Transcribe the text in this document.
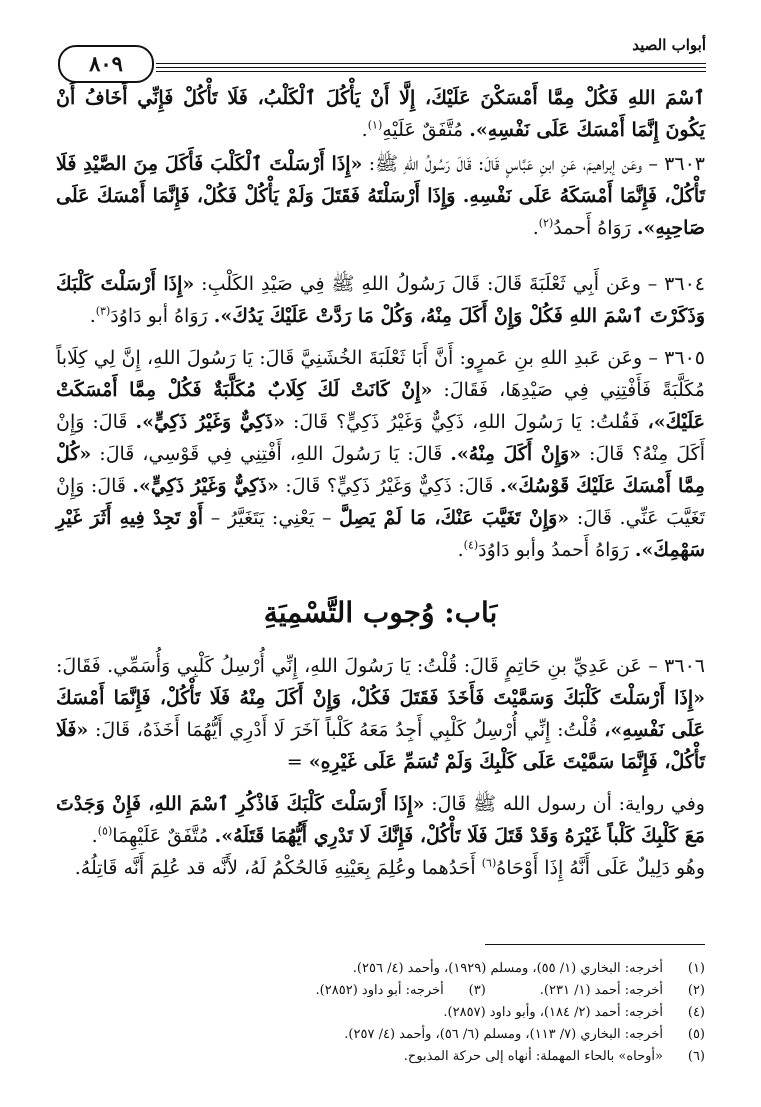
أبواب الصيد
٨٠٩

ٱسْمَ اللهِ فَكُلْ مِمَّا أَمْسَكْنَ عَلَيْكَ، إِلَّا أَنْ يَأْكُلَ ٱلْكَلْبُ، فَلَا تَأْكُلْ فَإِنِّي أَخَافُ أَنْ يَكُونَ إِنَّمَا أَمْسَكَ عَلَى نَفْسِهِ». مُتَّفَقٌ عَلَيْهِ$^{(١)}$.

٣٦٠٣ – وعَن إبراهيمَ، عَنِ ابنِ عَبَّاسٍ قَالَ: قَالَ رَسُولُ اللهِ ﷺ: «إِذَا أَرْسَلْتَ ٱلْكَلْبَ فَأَكَلَ مِنَ الصَّيْدِ فَلَا تَأْكُلْ، فَإِنَّمَا أَمْسَكَهُ عَلَى نَفْسِهِ. وَإِذَا أَرْسَلْتَهُ فَقَتَلَ وَلَمْ يَأْكُلْ فَكُلْ، فَإِنَّمَا أَمْسَكَ عَلَى صَاحِبِهِ». رَوَاهُ أَحمدُ$^{(٢)}$.

٣٦٠٤ – وعَن أَبِي ثَعْلَبَةَ قَالَ: قَالَ رَسُولُ اللهِ ﷺ فِي صَيْدِ الكَلْبِ: «إِذَا أَرْسَلْتَ كَلْبَكَ وَذَكَرْتَ ٱسْمَ اللهِ فَكُلْ وَإِنْ أَكَلَ مِنْهُ، وَكُلْ مَا رَدَّتْ عَلَيْكَ يَدُكَ». رَوَاهُ أبو دَاوُدَ$^{(٣)}$.

٣٦٠٥ – وعَن عَبدِ اللهِ بنِ عَمرٍو: أَنَّ أَبَا ثَعْلَبَةَ الخُشَنِيَّ قَالَ: يَا رَسُولَ اللهِ، إِنَّ لِي كِلَاباً مُكَلَّبَةً فَأَفْتِنِي فِي صَيْدِهَا، فَقَالَ: «إِنْ كَانَتْ لَكَ كِلَابٌ مُكَلَّبَةٌ فَكُلْ مِمَّا أَمْسَكَتْ عَلَيْكَ»، فَقُلتُ: يَا رَسُولَ اللهِ، ذَكِيٌّ وَغَيْرُ ذَكِيٍّ؟ قَالَ: «ذَكِيٌّ وَغَيْرُ ذَكِيٍّ». قَالَ: وَإِنْ أَكَلَ مِنْهُ؟ قَالَ: «وَإِنْ أَكَلَ مِنْهُ». قَالَ: يَا رَسُولَ اللهِ، أَفْتِنِي فِي قَوْسِي، قَالَ: «كُلْ مِمَّا أَمْسَكَ عَلَيْكَ قَوْسُكَ». قَالَ: ذَكِيٌّ وَغَيْرُ ذَكِيٍّ؟ قَالَ: «ذَكِيٌّ وَغَيْرُ ذَكِيٍّ». قَالَ: وَإِنْ تَغَيَّبَ عَنِّي. قَالَ: «وَإِنْ تَغَيَّبَ عَنْكَ، مَا لَمْ يَصِلَّ – يَعْنِي: يَتَغَيَّرُ – أَوْ تَجِدْ فِيهِ أَثَرَ غَيْرِ سَهْمِكَ». رَوَاهُ أَحمدُ وأبو دَاوُدَ$^{(٤)}$.

بَاب: وُجوب التَّسْمِيَةِ

٣٦٠٦ – عَن عَدِيِّ بنِ حَاتِمٍ قَالَ: قُلْتُ: يَا رَسُولَ اللهِ، إِنِّي أُرْسِلُ كَلْبِي وَأُسَمِّي. فَقَالَ: «إِذَا أَرْسَلْتَ كَلْبَكَ وَسَمَّيْتَ فَأَخَذَ فَقَتَلَ فَكُلْ، وَإِنْ أَكَلَ مِنْهُ فَلَا تَأْكُلْ، فَإِنَّمَا أَمْسَكَ عَلَى نَفْسِهِ»، قُلْتُ: إِنِّي أُرْسِلُ كَلْبِي أَجِدُ مَعَهُ كَلْباً آخَرَ لَا أَدْرِي أَيُّهُمَا أَخَذَهُ، قَالَ: «فَلَا تَأْكُلْ، فَإِنَّمَا سَمَّيْتَ عَلَى كَلْبِكَ وَلَمْ تُسَمِّ عَلَى غَيْرِهِ» =

وفي رواية: أن رسول الله ﷺ قَالَ: «إِذَا أَرْسَلْتَ كَلْبَكَ فَاذْكُرِ ٱسْمَ اللهِ، فَإِنْ وَجَدْتَ مَعَ كَلْبِكَ كَلْباً غَيْرَهُ وَقَدْ قَتَلَ فَلَا تَأْكُلْ، فَإِنَّكَ لَا تَدْرِي أَيُّهُمَا قَتَلَهُ». مُتَّفَقٌ عَلَيْهِمَا$^{(٥)}$.

وهُو دَلِيلٌ عَلَى أَنَّهُ إِذَا أَوْحَاهُ$^{(٦)}$ أَحَدُهما وعُلِمَ بِعَيْنِهِ فَالحُكْمُ لَهُ، لأَنَّه قد عُلِمَ أَنَّه قَاتِلُهُ.

(١)
أخرجه: البخاري (١/ ٥٥)، ومسلم (١٩٢٩)، وأحمد (٤/ ٢٥٦).
(٢)
أخرجه: أحمد (١/ ٢٣١).
(٣)
أخرجه: أبو داود (٢٨٥٢).
(٤)
أخرجه: أحمد (٢/ ١٨٤)، وأبو داود (٢٨٥٧).
(٥)
أخرجه: البخاري (٧/ ١١٣)، ومسلم (٦/ ٥٦)، وأحمد (٤/ ٢٥٧).
(٦)
«أوحاه» بالحاء المهملة: أنهاه إلى حركة المذبوح.
